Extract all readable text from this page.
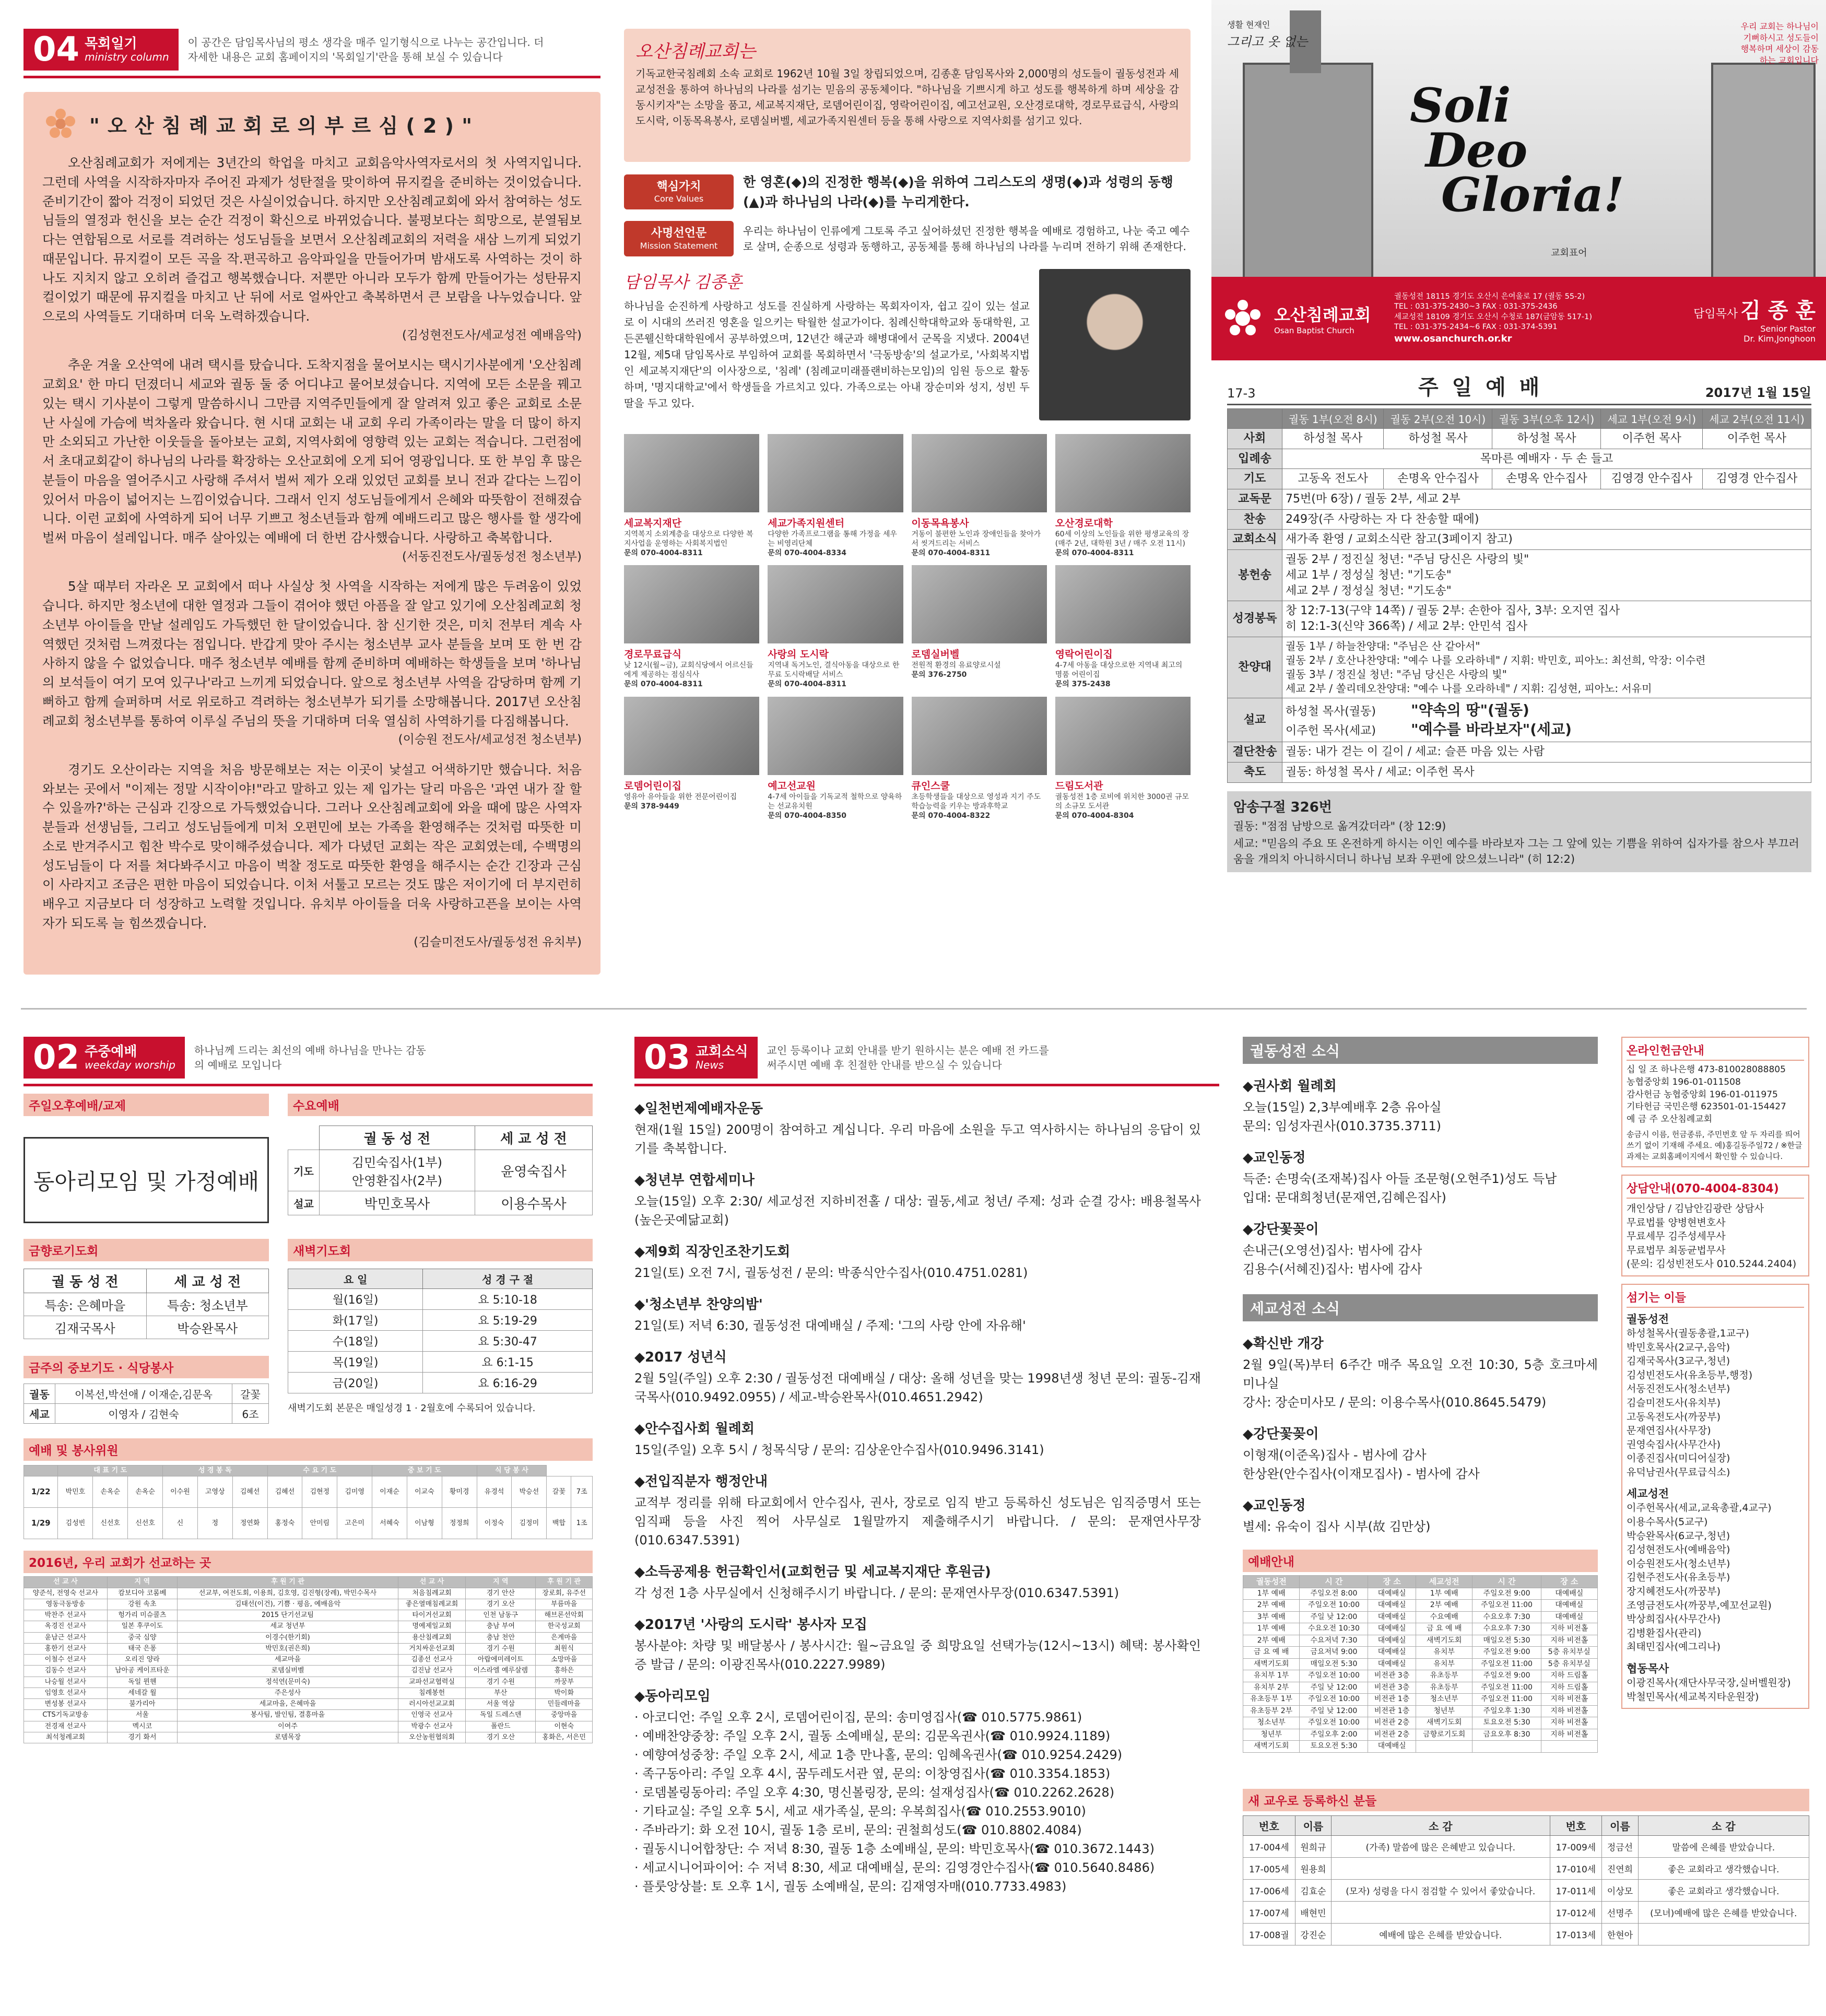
04 목회일기
ministry column
이 공간은 담임목사님의 평소 생각을 매주 일기형식으로 나누는 공간입니다. 더 자세한 내용은 교회 홈페이지의 '목회일기'란을 통해 보실 수 있습니다
" 오 산 침 례 교 회 로 의 부 르 심 ( 2 ) "
오산침례교회가 저에게는 3년간의 학업을 마치고 교회음악사역자로서의 첫 사역지입니다. 그런데 사역을 시작하자마자 주어진 과제가 성탄절을 맞이하여 뮤지컬을 준비하는 것이었습니다. 준비기간이 짧아 걱정이 되었던 것은 사실이었습니다. 하지만 오산침례교회에 와서 참여하는 성도님들의 열정과 헌신을 보는 순간 걱정이 확신으로 바뀌었습니다. 불평보다는 희망으로, 분열됨보다는 연합됨으로 서로를 격려하는 성도님들을 보면서 오산침례교회의 저력을 새삼 느끼게 되었기 때문입니다. 뮤지컬이 모든 곡을 작.편곡하고 음악파일을 만들어가며 밤새도록 사역하는 것이 하나도 지치지 않고 오히려 즐겁고 행복했습니다. 저뿐만 아니라 모두가 함께 만들어가는 성탄뮤지컬이었기 때문에 뮤지컬을 마치고 난 뒤에 서로 얼싸안고 축복하면서 큰 보람을 나누었습니다. 앞으로의 사역들도 기대하며 더욱 노력하겠습니다.
(김성현전도사/세교성전 예배음악)
추운 겨울 오산역에 내려 택시를 탔습니다. 도착지점을 물어보시는 택시기사분에게 '오산침례교회요' 한 마디 던졌더니 세교와 궐동 둘 중 어디냐고 물어보셨습니다. 지역에 모든 소문을 꿰고 있는 택시 기사분이 그렇게 말씀하시니 그만큼 지역주민들에게 잘 알려져 있고 좋은 교회로 소문난 사실에 가슴에 벅차올라 왔습니다. 현 시대 교회는 내 교회 우리 가족이라는 말을 더 많이 하지만 소외되고 가난한 이웃들을 돌아보는 교회, 지역사회에 영향력 있는 교회는 적습니다. 그런점에서 초대교회같이 하나님의 나라를 확장하는 오산교회에 오게 되어 영광입니다. 또 한 부임 후 많은 분들이 마음을 열어주시고 사랑해 주셔서 벌써 제가 오래 있었던 교회를 보니 전과 같다는 느낌이 있어서 마음이 넓어지는 느낌이었습니다. 그래서 인지 성도님들에게서 은혜와 따뜻함이 전해졌습니다. 이런 교회에 사역하게 되어 너무 기쁘고 청소년들과 함께 예배드리고 많은 행사를 할 생각에 벌써 마음이 설레입니다. 매주 살아있는 예배에 더 한번 감사했습니다. 사랑하고 축복합니다.
(서동진전도사/궐동성전 청소년부)
5살 때부터 자라온 모 교회에서 떠나 사실상 첫 사역을 시작하는 저에게 많은 두려움이 있었습니다. 하지만 청소년에 대한 열정과 그들이 겪어야 했던 아픔을 잘 알고 있기에 오산침례교회 청소년부 아이들을 만날 설레임도 가득했던 한 달이었습니다. 참 신기한 것은, 미치 전부터 계속 사역했던 것처럼 느껴졌다는 점입니다. 반갑게 맞아 주시는 청소년부 교사 분들을 보며 또 한 번 감사하지 않을 수 없었습니다. 매주 청소년부 예배를 함께 준비하며 예배하는 학생들을 보며 '하나님의 보석들이 여기 모여 있구나'라고 느끼게 되었습니다. 앞으로 청소년부 사역을 감당하며 함께 기뻐하고 함께 슬퍼하며 서로 위로하고 격려하는 청소년부가 되기를 소망해봅니다. 2017년 오산침례교회 청소년부를 통하여 이루실 주님의 뜻을 기대하며 더욱 열심히 사역하기를 다짐해봅니다.
(이승원 전도사/세교성전 청소년부)
경기도 오산이라는 지역을 처음 방문해보는 저는 이곳이 낯설고 어색하기만 했습니다. 처음 와보는 곳에서 "이제는 정말 시작이야!"라고 말하고 있는 제 입가는 달리 마음은 '과연 내가 잘 할 수 있을까?'하는 근심과 긴장으로 가득했었습니다. 그러나 오산침례교회에 와을 때에 많은 사역자분들과 선생님들, 그리고 성도님들에게 미처 오편민에 보는 가족을 환영해주는 것처럼 따뜻한 미소로 반겨주시고 힘찬 박수로 맞이해주셨습니다. 제가 다녔던 교회는 작은 교회였는데, 수백명의 성도님들이 다 저를 쳐다봐주시고 마음이 벅찰 정도로 따뜻한 환영을 해주시는 순간 긴장과 근심이 사라지고 조금은 편한 마음이 되었습니다. 이처 서툴고 모르는 것도 많은 저이기에 더 부지런히 배우고 지금보다 더 성장하고 노력할 것입니다. 유치부 아이들을 더욱 사랑하고픈을 보이는 사역자가 되도록 늘 힘쓰겠습니다.
(김슬미전도사/궐동성전 유치부)
오산침례교회는
기독교한국침례회 소속 교회로 1962년 10월 3일 창립되었으며, 김종훈 담임목사와 2,000명의 성도들이 궐동성전과 세교성전을 통하여 하나님의 나라를 섬기는 믿음의 공동체이다. "하나님을 기쁘시게 하고 성도를 행복하게 하며 세상을 감동시키자"는 소망을 품고, 세교복지재단, 로뎀어린이집, 영락어린이집, 예고선교원, 오산경로대학, 경로무료급식, 사랑의도시락, 이동목욕봉사, 로뎀실버벨, 세교가족지원센터 등을 통해 사랑으로 지역사회를 섬기고 있다.
핵심가치
Core Values
한 영혼(◆)의 진정한 행복(◆)을 위하여 그리스도의 생명(◆)과 성령의 동행(▲)과 하나님의 나라(◆)를 누리게한다.
사명선언문
Mission Statement
우리는 하나님이 인류에게 그토록 주고 싶어하셨던 진정한 행복을 예배로 경험하고, 나눈 죽고 예수로 살며, 순종으로 성령과 동행하고, 공동체를 통해 하나님의 나라를 누리며 전하기 위해 존재한다.
담임목사 김종훈
하나님을 순진하게 사랑하고 성도를 진실하게 사랑하는 목회자이자, 쉽고 깊이 있는 설교로 이 시대의 쓰러진 영혼을 일으키는 탁월한 설교가이다. 침례신학대학교와 동대학원, 고든콘웰신학대학원에서 공부하였으며, 12년간 해군과 해병대에서 군목을 지냈다. 2004년 12월, 제5대 담임목사로 부임하여 교회를 목회하면서 '극동방송'의 설교가로, '사회복지법인 세교복지재단'의 이사장으로, '침례' (침례교미래플랜비하는모임)의 임원 등으로 활동하며, '명지대학교'에서 학생들을 가르치고 있다. 가족으로는 아내 장순미와 성지, 성빈 두 딸을 두고 있다.
세교복지재단
지역복지 소외계층을 대상으로 다양한 복지사업을 운영하는 사회복지법인
문의 070-4004-8311
세교가족지원센터
다양한 가족프로그램을 통해 가정을 세우는 비영리단체
문의 070-4004-8334
이동목욕봉사
거동이 불편한 노인과 장애인들을 찾아가서 씻겨드리는 서비스
문의 070-4004-8311
오산경로대학
60세 이상의 노인들을 위한 평생교육의 장(매주 2년, 대학원 3년 / 매주 오전 11시)
문의 070-4004-8311
경로무료급식
낮 12시(월~금), 교회식당에서 어르신들에게 제공하는 점심식사
문의 070-4004-8311
사랑의 도시락
지역내 독거노인, 결식아동을 대상으로 한 무료 도시락배달 서비스
문의 070-4004-8311
로뎀실버벨
전원적 환경의 유료양로시설
문의 376-2750
영락어린이집
4-7세 아동을 대상으로한 지역내 최고의 명품 어린이집
문의 375-2438
로뎀어린이집
영유아 유아들을 위한 전문어린이집
문의 378-9449
예고선교원
4-7세 아이들을 기독교적 철학으로 양육하는 선교유치원
문의 070-4004-8350
큐인스쿨
초등학생들을 대상으로 영성과 지기 주도 학습능력을 키우는 방과후학교
문의 070-4004-8322
드림도서관
궐동성전 1층 로비에 위치한 3000권 규모의 소규모 도서관
문의 070-4004-8304
생활 현재인
그리고 옷 없는
우리 교회는 하나님이 기뻐하시고 성도들이 행복하며 세상이 감동하는 교회입니다
Soli
Deo
Gloria!
교회표어
오산침례교회
Osan Baptist Church
궐동성전 18115 경기도 오산시 은여울로 17 (궐동 55-2)
TEL : 031-375-2430~3 FAX : 031-375-2436
세교성전 18109 경기도 오산시 수청로 187(금암동 517-1)
TEL : 031-375-2434~6 FAX : 031-374-5391
www.osanchurch.or.kr
담임목사 김 종 훈
Senior Pastor
Dr. Kim,Jonghoon
17-3	주 일 예 배	2017년 1월 15일
	궐동 1부(오전 8시)	궐동 2부(오전 10시)	궐동 3부(오후 12시)	세교 1부(오전 9시)	세교 2부(오전 11시)
사회	하성철 목사	하성철 목사	하성철 목사	이주헌 목사	이주헌 목사
입례송	목마른 예배자 · 두 손 들고				
기도	고동옥 전도사	손명옥 안수집사	손명옥 안수집사	김영경 안수집사	김영경 안수집사
교독문	75번(마 6장) / 궐동 2부, 세교 2부				
찬송	249장(주 사랑하는 자 다 찬송할 때에)				
교회소식	새가족 환영 / 교회소식란 참고(3페이지 참고)				
봉헌송	궐동 2부 / 정진실 청년: "주님 당신은 사랑의 빛"
세교 1부 / 정성실 청년: "기도송"
세교 2부 / 정성실 청년: "기도송"				

성경봉독	창 12:7-13(구약 14쪽) / 궐동 2부: 손한아 집사, 3부: 오지연 집사
히 12:1-3(신약 366쪽) / 세교 2부: 안민석 집사				

찬양대	궐동 1부 / 하늘찬양대: "주님은 산 같아서"
궐동 2부 / 호산나찬양대: "예수 나를 오라하네" / 지휘: 박민호, 피아노: 최선희, 악장: 이수련
궐동 3부 / 정진실 청년: "주님 당신은 사랑의 빛"
세교 2부 / 쏠리데오찬양대: "예수 나를 오라하네" / 지휘: 김성현, 피아노: 서유미				

설교	하성철 목사(궐동) "약속의 땅"(궐동)
이주헌 목사(세교) "예수를 바라보자"(세교)				

결단찬송	궐동: 내가 걷는 이 길이 / 세교: 슬픈 마음 있는 사람				
축도	궐동: 하성철 목사 / 세교: 이주헌 목사				
암송구절 326번
궐동: "점점 남방으로 옮겨갔더라" (창 12:9)
세교: "믿음의 주요 또 온전하게 하시는 이인 예수를 바라보자 그는 그 앞에 있는 기쁨을 위하여 십자가를 참으사 부끄러움을 개의치 아니하시더니 하나님 보좌 우편에 앉으셨느니라" (히 12:2)
02 주중예배
weekday worship
하나님께 드리는 최선의 예배 하나님을 만나는 감동의 예배로 모입니다
주일오후예배/교제
동아리모임 및 가정예배
수요예배
	궐 동 성 전	세 교 성 전
기도	김민숙집사(1부)
안영환집사(2부)	윤영숙집사
설교	박민호목사	이용수목사
금향로기도회
궐 동 성 전	세 교 성 전
특송: 은혜마을	특송: 청소년부
김재국목사	박승완목사
금주의 중보기도 · 식당봉사
궐동	이복선,박선애 / 이재순,김문옥	갈꽃
세교	이영자 / 김현숙	6조
새벽기도회
요 일	성 경 구 절
월(16일)	요 5:10-18
화(17일)	요 5:19-29
수(18일)	요 5:30-47
목(19일)	요 6:1-15
금(20일)	요 6:16-29
새벽기도회 본문은 매일성경 1 · 2월호에 수록되어 있습니다.
예배 및 봉사위원
	대 표 기 도			성 경 봉 독			수 요 기 도			중 보 기 도			식 당 봉 사			
1/22	박민호	손옥순	손옥순	이수원	고영상	김혜선	김혜선	김현정	김미영	이재순	이교숙	황미경	유경석	박승선	갈꽃	7조
1/29	김성빈	신선호	신선호	신	정	정연화	홍정숙	안미림	고은미	서혜숙	이남형	정정희	이정숙	김정미	백합	1조
2016년, 우리 교회가 선교하는 곳
선 교 사	지 역	후 원 기 관	선 교 사	지 역	후 원 기 관
양준석, 전영숙 선교사	캄보디아 코롬볘	선교부, 여전도회, 이용희, 김호영, 김진형(장례), 박민수목사	처음침례교회	경기 안산	장로회, 유주선
영동극동방송	강원 속초	김태선(이건), 기쁨 · 평음, 예배음악	좋은열매침례교회	경기 오산	부름마을
박찬주 선교사	헝가리 미슈콜츠	2015 단기선교팀	타이거선교회	인천 남동구	해브론선악회
옥경진 선교사	일본 후쿠이도	세교 청년부	명예제일교회	충남 부여	한국성교회
윤남근 선교사	중국 심양	이경수(한기회)	용산침례교회	충남 천안	은계마을
홍한기 선교사	태국 은퐁	박민호(권은희)	거치싸운선교회	경기 수원	최원식
이철수 선교사	오리진 양라	세교마을	김종선 선교사	아랍에미레이트	소망마을
김동수 선교사	남아공 케이프타운	로뎀실버벨	김진남 선교사	이스라엘 예루살렘	흥하은
나승월 선교사	독일 뮌헨	정석연(문미숙)	교파선교협력실	경기 수원	까꿍부
임영호 선교사	세네갈 월	주은성사	침례봉헌	부산	박이화
변성봉 선교사	불가리아	세교마을, 은혜마을	러시아선교교회	서울 역삼	민들레마을
CTS기독교방송	서울	봉사팀, 발인팀, 결흥마을	인영국 선교사	독일 드레스덴	중앙마을
전경재 선교사	멕시코	이여주	박광수 선교사	폴란드	이현숙
최석청례교회	경기 화서	로뎀목장	오산농원협의회	경기 오산	홍화은, 서은민
03 교회소식
News
교인 등록이나 교회 안내를 받기 원하시는 분은 예배 전 카드를 써주시면 예배 후 친절한 안내를 받으실 수 있습니다
◆일천번제예배자운동

현재(1월 15일) 200명이 참여하고 계십니다. 우리 마음에 소원을 두고 역사하시는 하나님의 응답이 있기를 축복합니다.

◆청년부 연합세미나

오늘(15일) 오후 2:30/ 세교성전 지하비전홀 / 대상: 궐동,세교 청년/ 주제: 성과 순결 강사: 배용철목사(높은곳예닮교회)

◆제9회 직장인조찬기도회

21일(토) 오전 7시, 궐동성전 / 문의: 박종식안수집사(010.4751.0281)

◆'청소년부 찬양의밤'

21일(토) 저녁 6:30, 궐동성전 대예배실 / 주제: '그의 사랑 안에 자유해'

◆2017 성년식

2월 5일(주일) 오후 2:30 / 궐동성전 대예배실 / 대상: 올해 성년을 맞는 1998년생 청년 문의: 궐동-김재국목사(010.9492.0955) / 세교-박승완목사(010.4651.2942)

◆안수집사회 월례회

15일(주일) 오후 5시 / 청목식당 / 문의: 김상운안수집사(010.9496.3141)

◆전입직분자 행정안내

교적부 정리를 위해 타교회에서 안수집사, 권사, 장로로 임직 받고 등록하신 성도님은 임직증명서 또는 임직패 등을 사진 찍어 사무실로 1월말까지 제출해주시기 바랍니다. / 문의: 문재연사무장(010.6347.5391)

◆소득공제용 헌금확인서(교회헌금 및 세교복지재단 후원금)

각 성전 1층 사무실에서 신청해주시기 바랍니다. / 문의: 문재연사무장(010.6347.5391)

◆2017년 '사랑의 도시락' 봉사자 모집

봉사분야: 차량 및 배달봉사 / 봉사시간: 월~금요일 중 희망요일 선택가능(12시~13시) 혜택: 봉사확인증 발급 / 문의: 이광진목사(010.2227.9989)

◆동아리모임

· 아코디언: 주일 오후 2시, 로뎀어린이집, 문의: 송미영집사(☎ 010.5775.9861)
· 예배찬양중창: 주일 오후 2시, 궐동 소예배실, 문의: 김문옥권사(☎ 010.9924.1189)
· 예향여성중창: 주일 오후 2시, 세교 1층 만나홀, 문의: 임혜옥권사(☎ 010.9254.2429)
· 족구동아리: 주일 오후 4시, 꿈두레도서관 옆, 문의: 이창영집사(☎ 010.3354.1853)
· 로뎀볼링동아리: 주일 오후 4:30, 명신볼링장, 문의: 설재성집사(☎ 010.2262.2628)
· 기타교실: 주일 오후 5시, 세교 새가족실, 문의: 우복희집사(☎ 010.2553.9010)
· 주바라기: 화 오전 10시, 궐동 1층 로비, 문의: 권철희성도(☎ 010.8802.4084)
· 궐동시니어합창단: 수 저녁 8:30, 궐동 1층 소예배실, 문의: 박민호목사(☎ 010.3672.1443)
· 세교시니어파이어: 수 저녁 8:30, 세교 대예배실, 문의: 김영경안수집사(☎ 010.5640.8486)
· 플룻앙상블: 토 오후 1시, 궐동 소예배실, 문의: 김재영자매(010.7733.4983)

궐동성전 소식
◆권사회 월례회

오늘(15일) 2,3부예배후 2층 유아실
문의: 임성자권사(010.3735.3711)

◆교인동정

득준: 손명숙(조재복)집사 아들 조문형(오현주1)성도 득남
입대: 문대희청년(문재연,김혜은집사)

◆강단꽃꽂이

손내근(오영선)집사: 범사에 감사
김용수(서혜진)집사: 범사에 감사

세교성전 소식
◆확신반 개강

2월 9일(목)부터 6주간 매주 목요일 오전 10:30, 5층 호크마세미나실
강사: 장순미사모 / 문의: 이용수목사(010.8645.5479)

◆강단꽃꽂이

이형재(이준옥)집사 - 범사에 감사
한상완(안수집사(이재모집사) - 범사에 감사

◆교인동정

별세: 유숙이 집사 시부(故 김만상)

예배안내
궐동성전	시 간	장 소	세교성전	시 간	장 소
1부 예배	주일오전 8:00	대예배실	1부 예배	주일오전 9:00	대예배실
2부 예배	주일오전 10:00	대예배실	2부 예배	주일오전 11:00	대예배실
3부 예배	주일 낮 12:00	대예배실	수요예배	수요오후 7:30	대예배실
1부 예배	수요오전 10:30	대예배실	금 요 예 배	수요오후 7:30	지하 비전홀
2부 예배	수요저녁 7:30	대예배실	새벽기도회	매일오전 5:30	지하 비전홀
금 요 예 배	금요저녁 9:00	대예배실	유치부	주일오전 9:00	5층 유치부실
새벽기도회	매일오전 5:30	대예배실	유치부	주일오전 11:00	5층 유치부실
유치부 1부	주일오전 10:00	비전관 3층	유초등부	주일오전 9:00	지하 드림홀
유치부 2부	주일 낮 12:00	비전관 3층	유초등부	주일오전 11:00	지하 드림홀
유초등부 1부	주일오전 10:00	비전관 1층	청소년부	주일오전 11:00	지하 비전홀
유초등부 2부	주일 낮 12:00	비전관 1층	청년부	주일오후 1:30	지하 비전홀
청소년부	주일오전 10:00	비전관 2층	새벽기도회	토요오전 5:30	지하 비전홀
청년부	주일오후 2:00	비전관 2층	금향로기도회	금요오후 8:30	지하 비전홀
새벽기도회	토요오전 5:30	대예배실			
온라인헌금안내

십 일 조 하나은행 473-810028088805
농협중앙회 196-01-011508
감사헌금 농협중앙회 196-01-011975
기타헌금 국민은행 623501-01-154427
예 금 주 오산침례교회

송금시 이름, 헌금종류, 주민번호 앞 두 자리를 띄어쓰기 없이 기재해 주세요. 예)홍길동주일72 / ※한글과제는 교회홈페이지에서 확인할 수 있습니다.

상담안내(070-4004-8304)

개인상담 / 김남안김광란 상담사
무료법률 양병현변호사
무료세무 김주성세무사
무료법무 최동균법무사
(문의: 김성빈전도사 010.5244.2404)

섬기는 이들
궐동성전

하성철목사(궐동총괄,1교구)
박민호목사(2교구,음악)
김재국목사(3교구,청년)
김성빈전도사(유초등부,행정)
서동진전도사(청소년부)
김슬미전도사(유치부)
고동옥전도사(까꿍부)
문재연집사(사무장)
권영숙집사(사무간사)
이종진집사(미디어실장)
유덕남권사(무료급식소)

세교성전

이주헌목사(세교,교육총괄,4교구)
이용수목사(5교구)
박승완목사(6교구,청년)
김성현전도사(예배음악)
이승원전도사(청소년부)
김현주전도사(유초등부)
장지혜전도사(까꿍부)
조영금전도사(까꿍부,예꼬선교원)
박상희집사(사무간사)
김병환집사(관리)
최태민집사(예그리나)

협동목사

이광진목사(재단사무국장,실버벨원장)
박철민목사(세교복지타운원장)

새 교우로 등록하신 분들
번호	이름	소 감	번호	이름	소 감
17-004세	원희규	(가족) 말씀에 많은 은혜받고 있습니다.	17-009세	정금선	말씀에 은혜를 받았습니다.
17-005세	원용희		17-010세	진연희	좋은 교회라고 생각했습니다.
17-006세	김효순	(모자) 성령을 다시 점검할 수 있어서 좋았습니다.	17-011세	이상모	좋은 교회라고 생각했습니다.
17-007세	배현민		17-012세	선명주	(모녀)예배에 많은 은혜를 받았습니다.
17-008궐	강진순	예배에 많은 은혜를 받았습니다.	17-013세	한현아	
